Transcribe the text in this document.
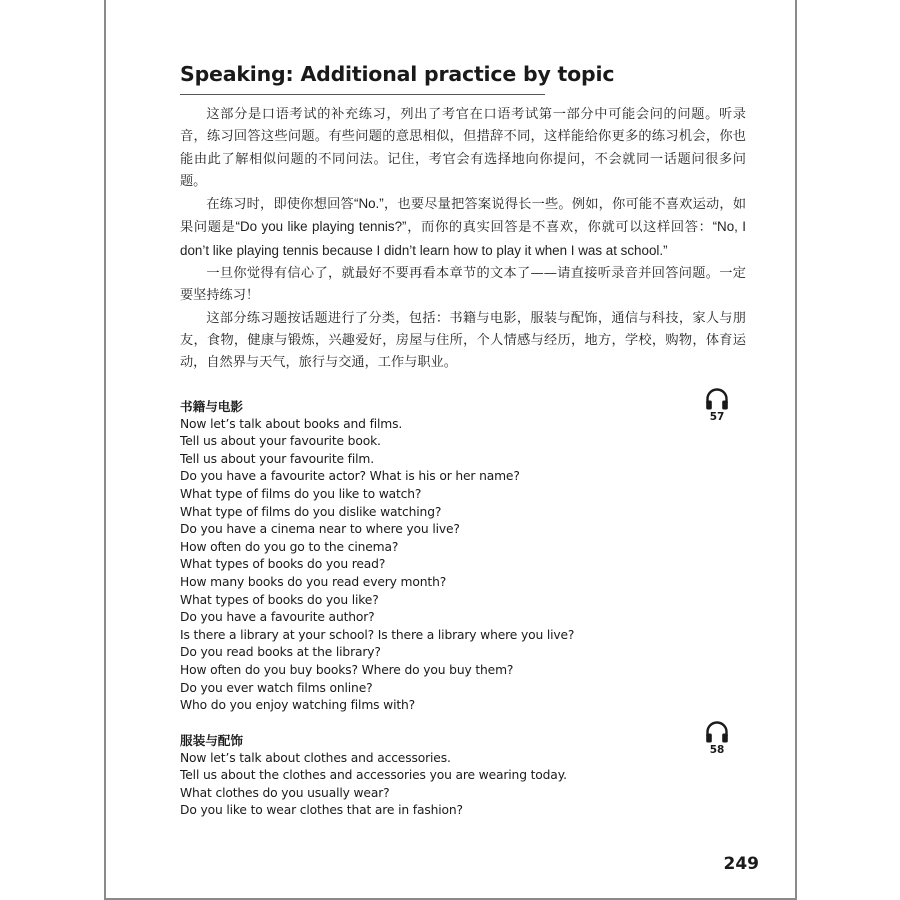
Speaking: Additional practice by topic

这部分是口语考试的补充练习，列出了考官在口语考试第一部分中可能会问的问题。听录音，练习回答这些问题。有些问题的意思相似，但措辞不同，这样能给你更多的练习机会，你也能由此了解相似问题的不同问法。记住，考官会有选择地向你提问，不会就同一话题问很多问题。

在练习时，即使你想回答“No.”，也要尽量把答案说得长一些。例如，你可能不喜欢运动，如果问题是“Do you like playing tennis?”，而你的真实回答是不喜欢，你就可以这样回答：“No, I don’t like playing tennis because I didn’t learn how to play it when I was at school.”

一旦你觉得有信心了，就最好不要再看本章节的文本了——请直接听录音并回答问题。一定要坚持练习！

这部分练习题按话题进行了分类，包括：书籍与电影，服装与配饰，通信与科技，家人与朋友，食物，健康与锻炼，兴趣爱好，房屋与住所，个人情感与经历，地方，学校，购物，体育运动，自然界与天气，旅行与交通，工作与职业。

书籍与电影
Now let’s talk about books and films.
Tell us about your favourite book.
Tell us about your favourite film.
Do you have a favourite actor? What is his or her name?
What type of films do you like to watch?
What type of films do you dislike watching?
Do you have a cinema near to where you live?
How often do you go to the cinema?
What types of books do you read?
How many books do you read every month?
What types of books do you like?
Do you have a favourite author?
Is there a library at your school? Is there a library where you live?
Do you read books at the library?
How often do you buy books? Where do you buy them?
Do you ever watch films online?
Who do you enjoy watching films with?
57
服装与配饰
Now let’s talk about clothes and accessories.
Tell us about the clothes and accessories you are wearing today.
What clothes do you usually wear?
Do you like to wear clothes that are in fashion?
58
249
